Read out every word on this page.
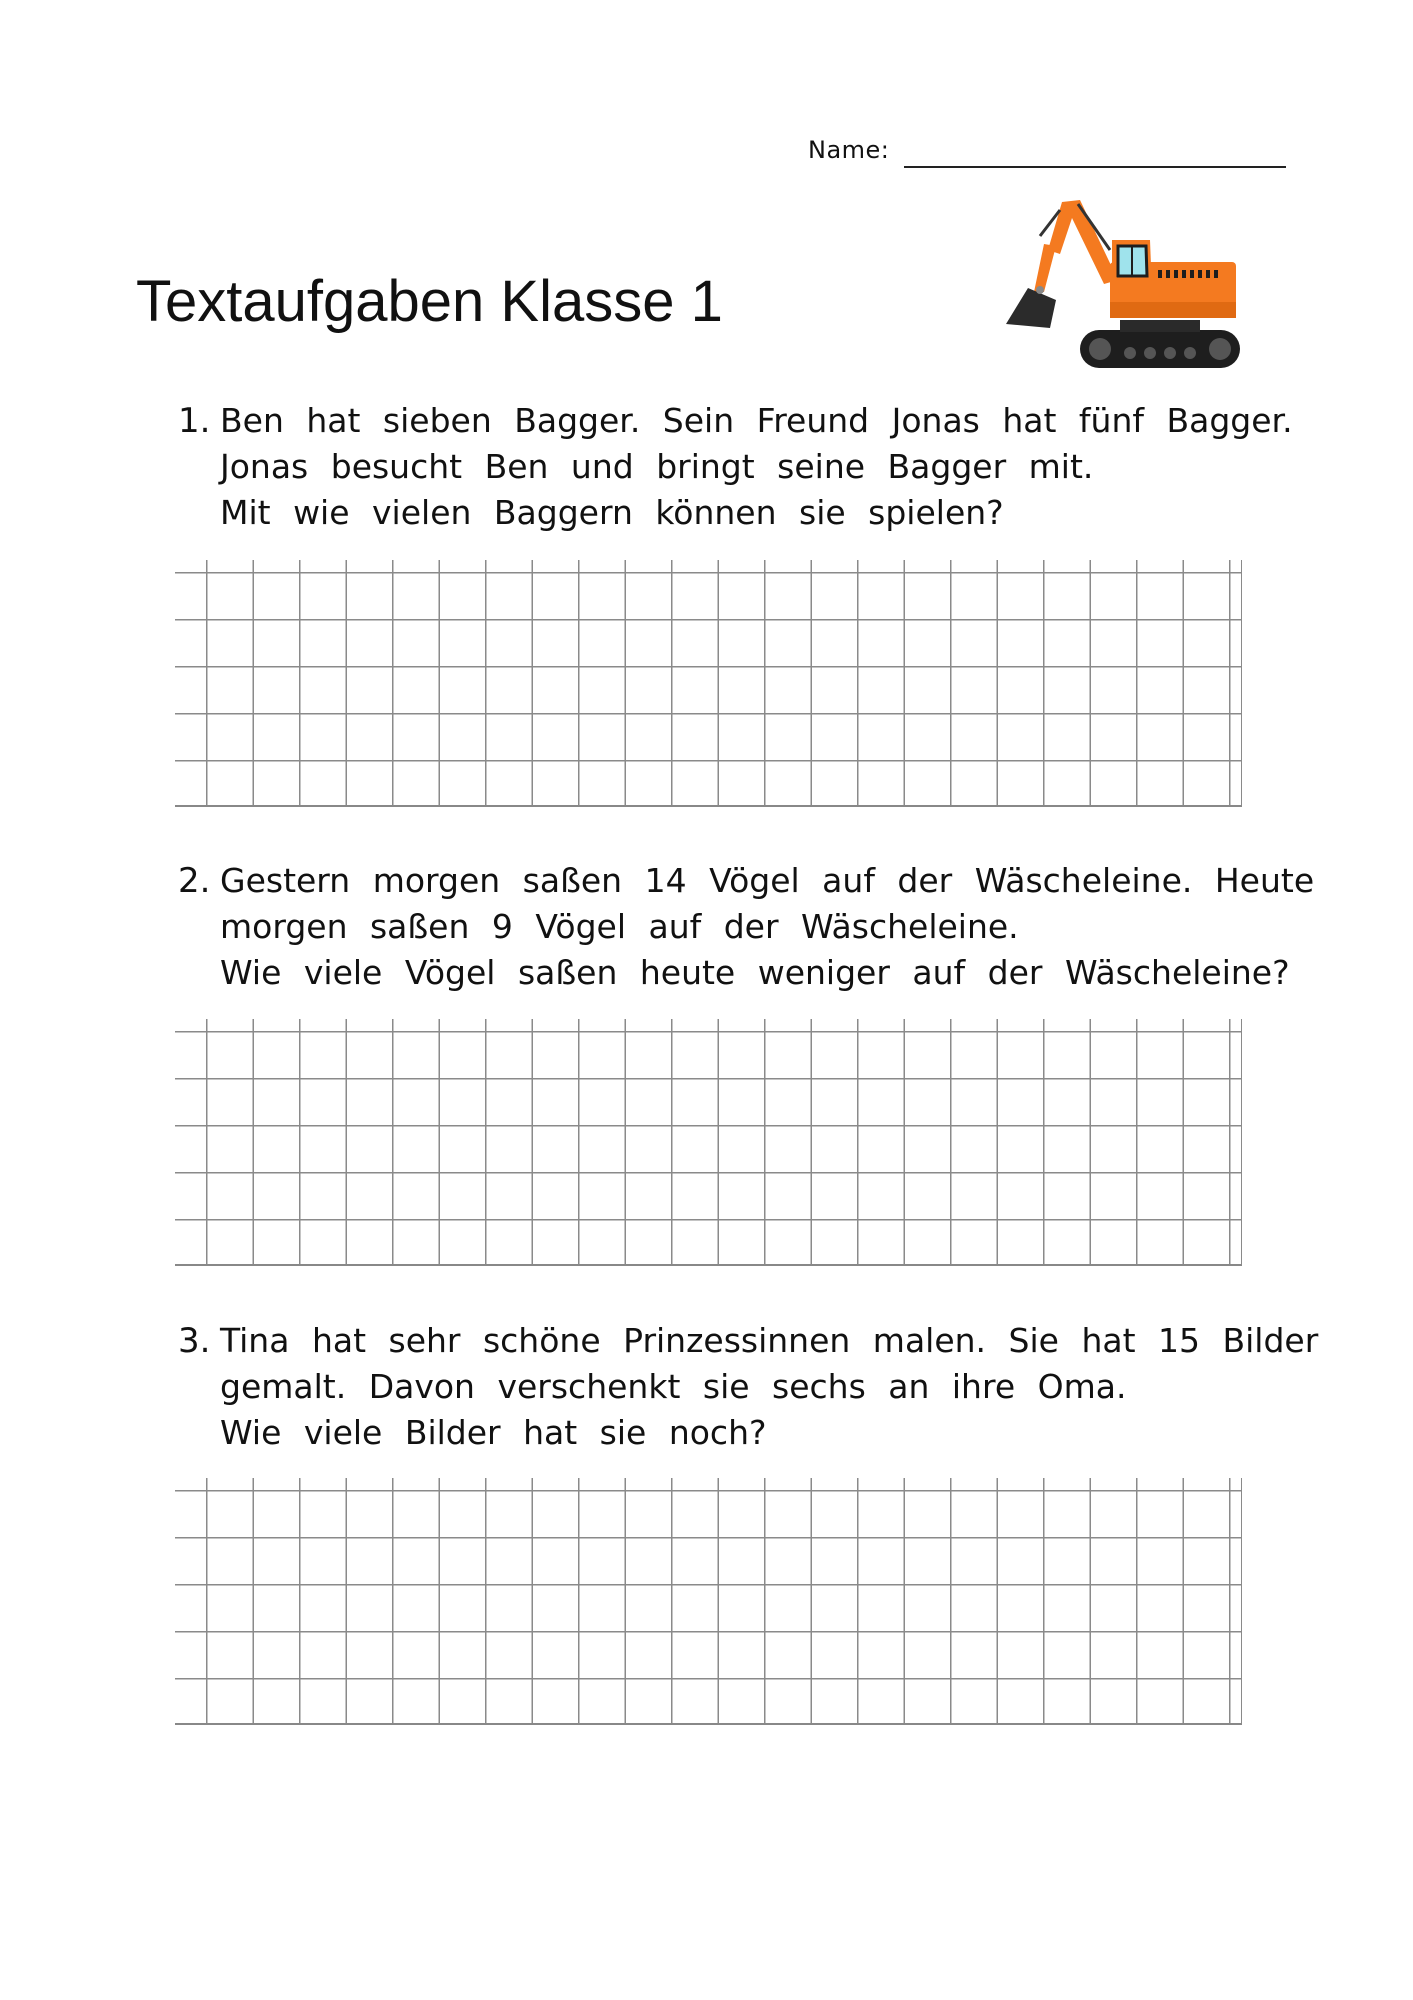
Name:
Textaufgaben Klasse 1
1. Ben hat sieben Bagger. Sein Freund Jonas hat fünf Bagger.
Jonas besucht Ben und bringt seine Bagger mit.
Mit wie vielen Baggern können sie spielen?

2. Gestern morgen saßen 14 Vögel auf der Wäscheleine. Heute
morgen saßen 9 Vögel auf der Wäscheleine.
Wie viele Vögel saßen heute weniger auf der Wäscheleine?

3. Tina hat sehr schöne Prinzessinnen malen. Sie hat 15 Bilder
gemalt. Davon verschenkt sie sechs an ihre Oma.
Wie viele Bilder hat sie noch?
